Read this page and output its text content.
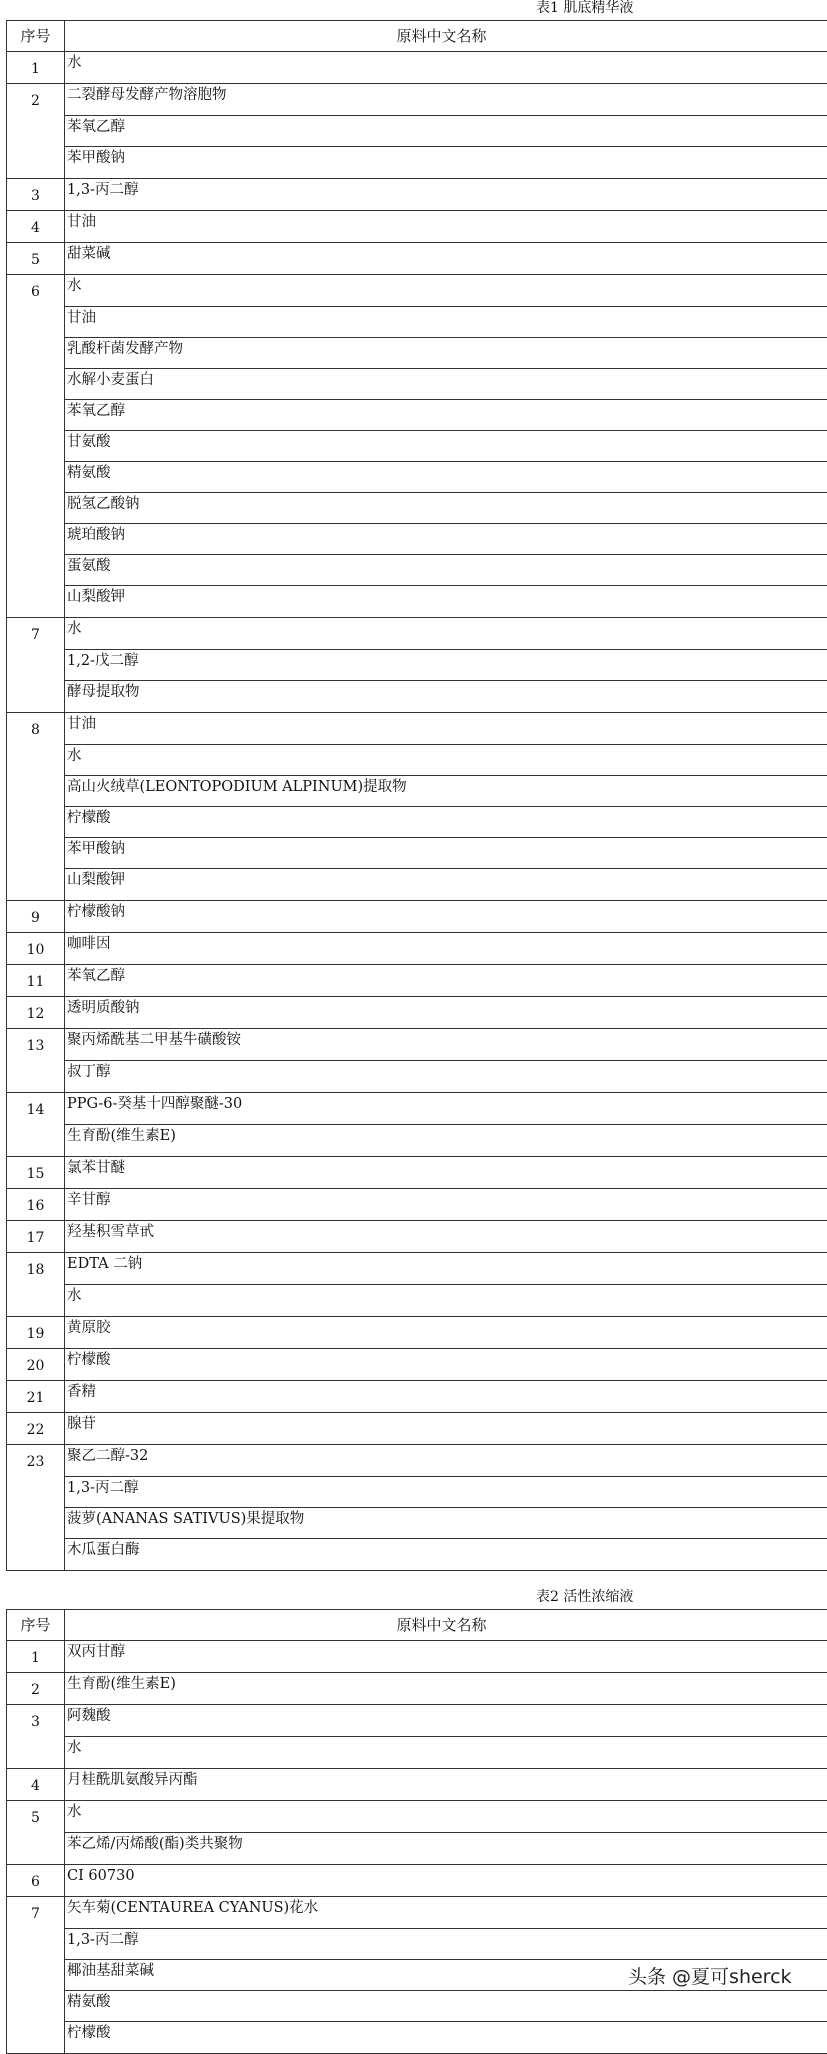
表1 肌底精华液
序号	原料中文名称
1	水
2	二裂酵母发酵产物溶胞物
苯氧乙醇
苯甲酸钠
3	1,3-丙二醇
4	甘油
5	甜菜碱
6	水
甘油
乳酸杆菌发酵产物
水解小麦蛋白
苯氧乙醇
甘氨酸
精氨酸
脱氢乙酸钠
琥珀酸钠
蛋氨酸
山梨酸钾
7	水
1,2-戊二醇
酵母提取物
8	甘油
水
高山火绒草(LEONTOPODIUM ALPINUM)提取物
柠檬酸
苯甲酸钠
山梨酸钾
9	柠檬酸钠
10	咖啡因
11	苯氧乙醇
12	透明质酸钠
13	聚丙烯酰基二甲基牛磺酸铵
叔丁醇
14	PPG-6-癸基十四醇聚醚-30
生育酚(维生素E)
15	氯苯甘醚
16	辛甘醇
17	羟基积雪草甙
18	EDTA 二钠
水
19	黄原胶
20	柠檬酸
21	香精
22	腺苷
23	聚乙二醇-32
1,3-丙二醇
菠萝(ANANAS SATIVUS)果提取物
木瓜蛋白酶
表2 活性浓缩液
序号	原料中文名称
1	双丙甘醇
2	生育酚(维生素E)
3	阿魏酸
水
4	月桂酰肌氨酸异丙酯
5	水
苯乙烯/丙烯酸(酯)类共聚物
6	CI 60730
7	矢车菊(CENTAUREA CYANUS)花水
1,3-丙二醇
椰油基甜菜碱
精氨酸
柠檬酸
头条 @夏可sherck
